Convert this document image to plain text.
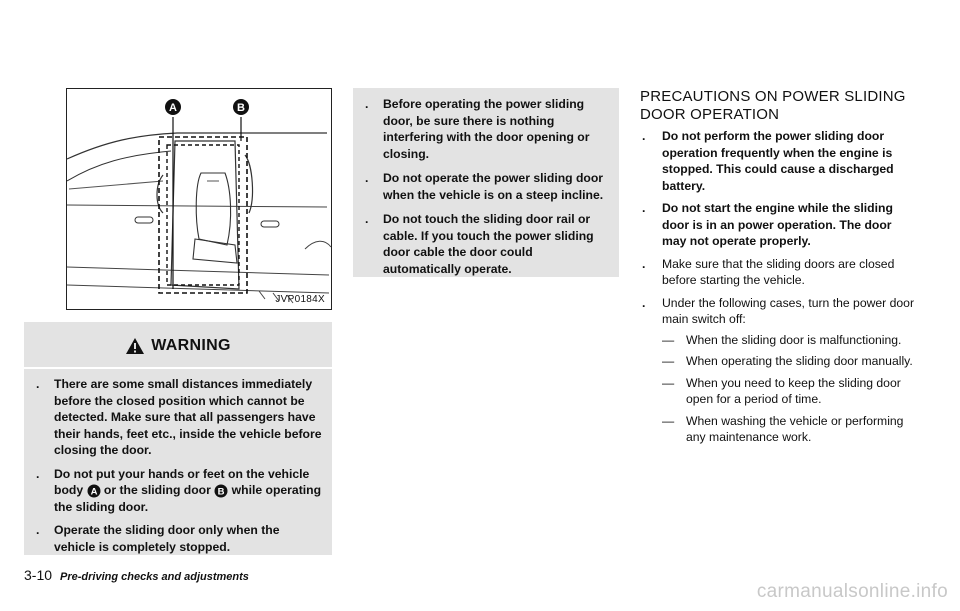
A	B
JVP0184X
WARNING
. There are some small distances immediately before the closed position which cannot be detected. Make sure that all passengers have their hands, feet etc., inside the vehicle before closing the door.
. Do not put your hands or feet on the vehicle body A or the sliding door B while operating the sliding door.
. Operate the sliding door only when the vehicle is completely stopped.
. Before operating the power sliding door, be sure there is nothing interfering with the door opening or closing.
. Do not operate the power sliding door when the vehicle is on a steep incline.
. Do not touch the sliding door rail or cable. If you touch the power sliding door cable the door could automatically operate.
PRECAUTIONS ON POWER SLIDING DOOR OPERATION
. Do not perform the power sliding door operation frequently when the engine is stopped. This could cause a discharged battery.
. Do not start the engine while the sliding door is in an power operation. The door may not operate properly.
. Make sure that the sliding doors are closed before starting the vehicle.
. Under the following cases, turn the power door main switch off:
— When the sliding door is malfunctioning.
— When operating the sliding door manually.
— When you need to keep the sliding door open for a period of time.
— When washing the vehicle or performing any maintenance work.
3-10 Pre-driving checks and adjustments
carmanualsonline.info
